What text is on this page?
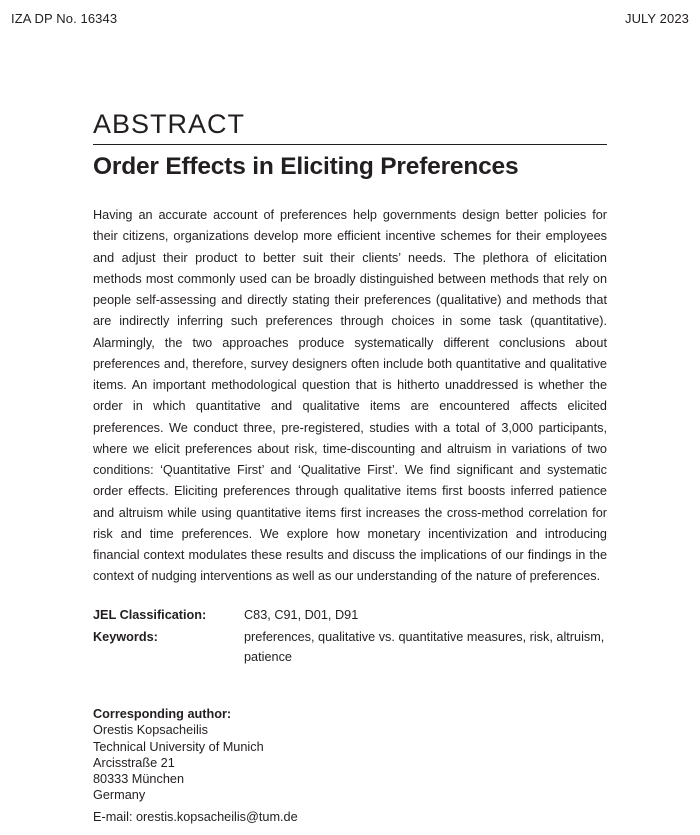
IZA DP No. 16343	JULY 2023
ABSTRACT
Order Effects in Eliciting Preferences
Having an accurate account of preferences help governments design better policies for their citizens, organizations develop more efficient incentive schemes for their employees and adjust their product to better suit their clients’ needs. The plethora of elicitation methods most commonly used can be broadly distinguished between methods that rely on people self-assessing and directly stating their preferences (qualitative) and methods that are indirectly inferring such preferences through choices in some task (quantitative). Alarmingly, the two approaches produce systematically different conclusions about preferences and, therefore, survey designers often include both quantitative and qualitative items. An important methodological question that is hitherto unaddressed is whether the order in which quantitative and qualitative items are encountered affects elicited preferences. We conduct three, pre-registered, studies with a total of 3,000 participants, where we elicit preferences about risk, time-discounting and altruism in variations of two conditions: ‘Quantitative First’ and ‘Qualitative First’. We find significant and systematic order effects. Eliciting preferences through qualitative items first boosts inferred patience and altruism while using quantitative items first increases the cross-method correlation for risk and time preferences. We explore how monetary incentivization and introducing financial context modulates these results and discuss the implications of our findings in the context of nudging interventions as well as our understanding of the nature of preferences.
JEL Classification:	C83, C91, D01, D91
Keywords:	preferences, qualitative vs. quantitative measures, risk, altruism, patience
Corresponding author:
Orestis Kopsacheilis
Technical University of Munich
Arcisstraße 21
80333 München
Germany
E-mail: orestis.kopsacheilis@tum.de
